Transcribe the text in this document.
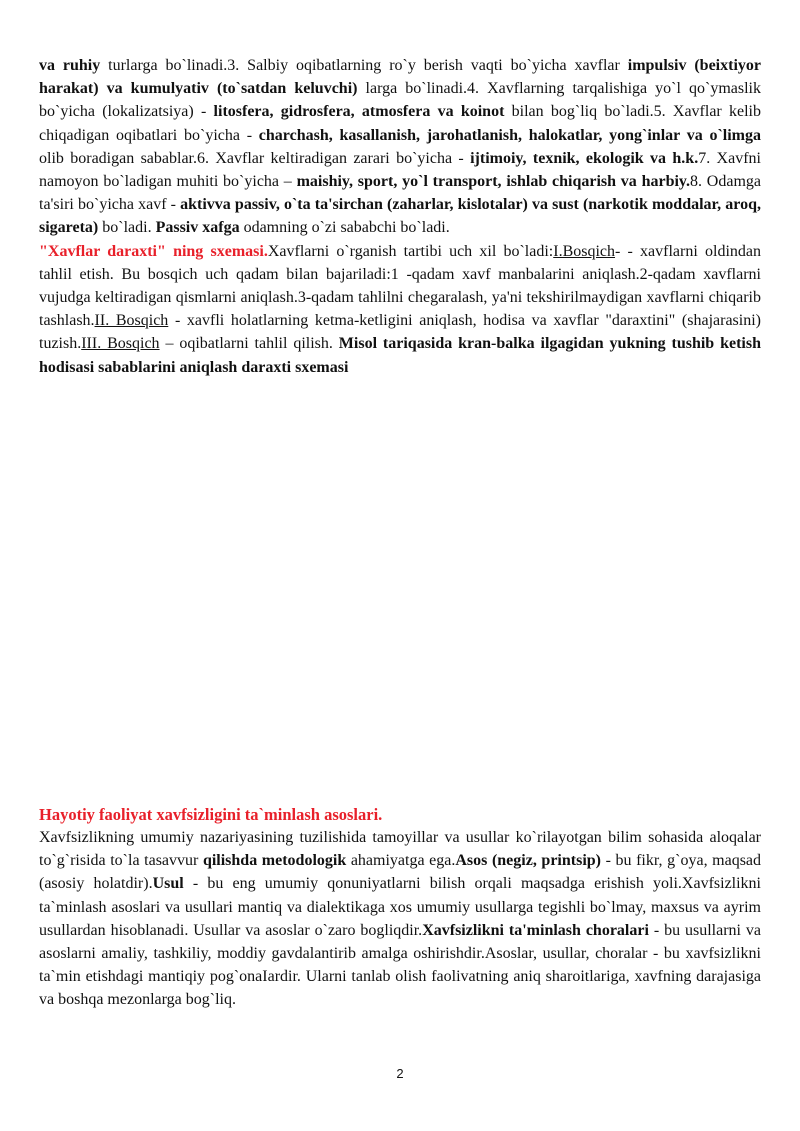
va ruhiy turlarga bo`linadi.3. Salbiy oqibatlarning ro`y berish vaqti bo`yicha xavflar impulsiv (beixtiyor harakat) va kumulyativ (to`satdan keluvchi) larga bo`linadi.4. Xavflarning tarqalishiga yo`l qo`ymaslik bo`yicha (lokalizatsiya) - litosfera, gidrosfera, atmosfera va koinot bilan bog`liq bo`ladi.5. Xavflar kelib chiqadigan oqibatlari bo`yicha - charchash, kasallanish, jarohatlanish, halokatlar, yong`inlar va o`limga olib boradigan sabablar.6. Xavflar keltiradigan zarari bo`yicha - ijtimoiy, texnik, ekologik va h.k.7. Xavfni namoyon bo`ladigan muhiti bo`yicha – maishiy, sport, yo`l transport, ishlab chiqarish va harbiy.8. Odamga ta'siri bo`yicha xavf - aktivva passiv, o`ta ta'sirchan (zaharlar, kislotalar) va sust (narkotik moddalar, aroq, sigareta) bo`ladi. Passiv xafga odamning o`zi sababchi bo`ladi.

"Xavflar daraxti" ning sxemasi.Xavflarni o`rganish tartibi uch xil bo`ladi:I.Bosqich- - xavflarni oldindan tahlil etish. Bu bosqich uch qadam bilan bajariladi:1 -qadam xavf manbalarini aniqlash.2-qadam xavflarni vujudga keltiradigan qismlarni aniqlash.3-qadam tahlilni chegaralash, ya'ni tekshirilmaydigan xavflarni chiqarib tashlash.II. Bosqich - xavfli holatlarning ketma-ketligini aniqlash, hodisa va xavflar "daraxtini" (shajarasini) tuzish.III. Bosqich – oqibatlarni tahlil qilish. Misol tariqasida kran-balka ilgagidan yukning tushib ketish hodisasi sabablarini aniqlash daraxti sxemasi

Hayotiy faoliyat xavfsizligini ta`minlash asoslari.

Xavfsizlikning umumiy nazariyasining tuzilishida tamoyillar va usullar ko`rilayotgan bilim sohasida aloqalar to`g`risida to`la tasavvur qilishda metodologik ahamiyatga ega.Asos (negiz, printsip) - bu fikr, g`oya, maqsad (asosiy holatdir).Usul - bu eng umumiy qonuniyatlarni bilish orqali maqsadga erishish yoli.Xavfsizlikni ta`minlash asoslari va usullari mantiq va dialektikaga xos umumiy usullarga tegishli bo`lmay, maxsus va ayrim usullardan hisoblanadi. Usullar va asoslar o`zaro bogliqdir.Xavfsizlikni ta'minlash choralari - bu usullarni va asoslarni amaliy, tashkiliy, moddiy gavdalantirib amalga oshirishdir.Asoslar, usullar, choralar - bu xavfsizlikni ta`min etishdagi mantiqiy pog`onaIardir. Ularni tanlab olish faolivatning aniq sharoitlariga, xavfning darajasiga va boshqa mezonlarga bog`liq.

2
